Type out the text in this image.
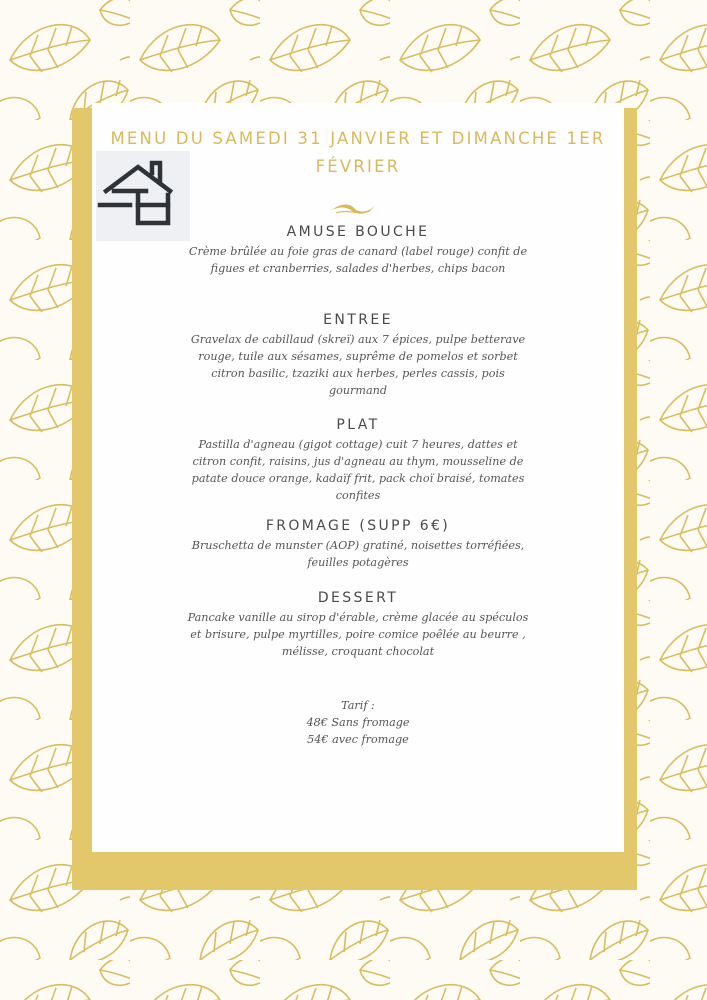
MENU DU SAMEDI 31 JANVIER ET DIMANCHE 1ER
FÉVRIER
AMUSE BOUCHE
Crème brûlée au foie gras de canard (label rouge) confit de figues et cranberries, salades d'herbes, chips bacon
ENTREE
Gravelax de cabillaud (skreï) aux 7 épices, pulpe betterave rouge, tuile aux sésames, suprême de pomelos et sorbet citron basilic, tzaziki aux herbes, perles cassis, pois gourmand
PLAT
Pastilla d'agneau (gigot cottage) cuit 7 heures, dattes et citron confit, raisins, jus d'agneau au thym, mousseline de patate douce orange, kadaïf frit, pack choï braisé, tomates confites
FROMAGE (SUPP 6€)
Bruschetta de munster (AOP) gratiné, noisettes torréfiées, feuilles potagères
DESSERT
Pancake vanille au sirop d'érable, crème glacée au spéculos et brisure, pulpe myrtilles, poire comice poêlée au beurre , mélisse, croquant chocolat
Tarif :
48€ Sans fromage
54€ avec fromage
